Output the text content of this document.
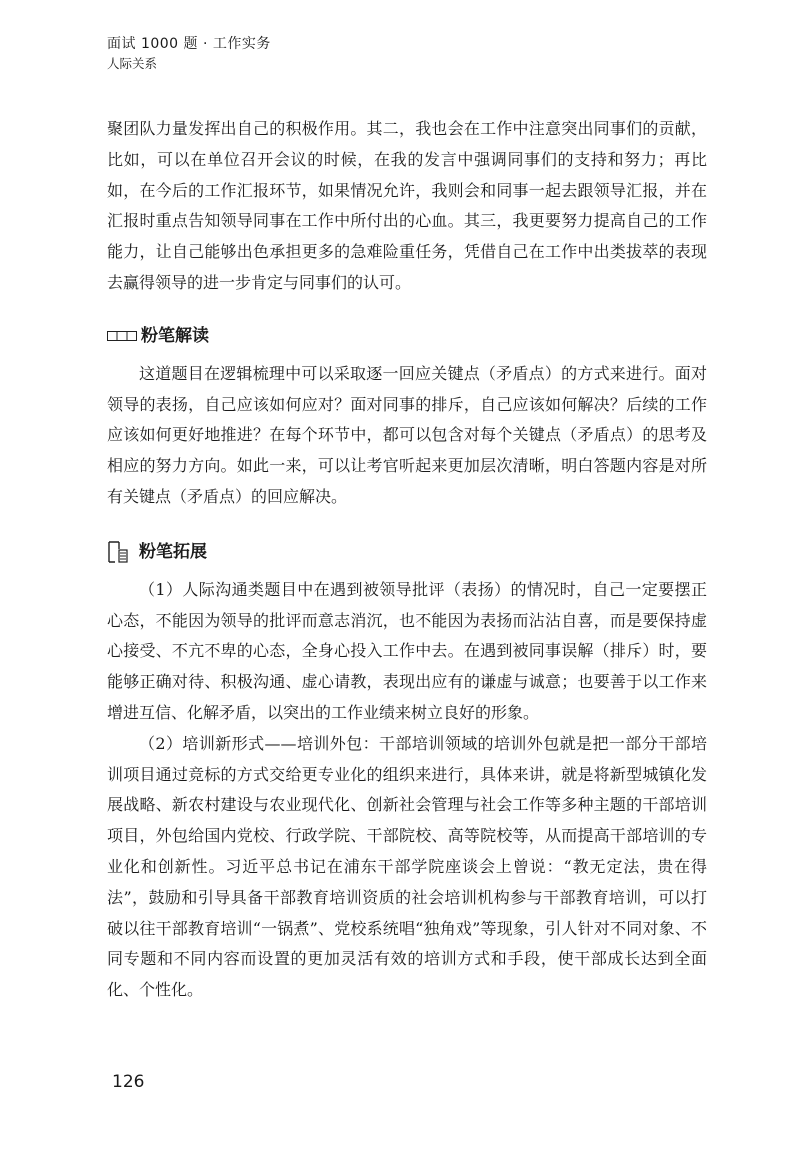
面试 1000 题 · 工作实务
人际关系

聚团队力量发挥出自己的积极作用。其二，我也会在工作中注意突出同事们的贡献，比如，可以在单位召开会议的时候，在我的发言中强调同事们的支持和努力；再比如，在今后的工作汇报环节，如果情况允许，我则会和同事一起去跟领导汇报，并在汇报时重点告知领导同事在工作中所付出的心血。其三，我更要努力提高自己的工作能力，让自己能够出色承担更多的急难险重任务，凭借自己在工作中出类拔萃的表现去赢得领导的进一步肯定与同事们的认可。

粉笔解读

这道题目在逻辑梳理中可以采取逐一回应关键点（矛盾点）的方式来进行。面对领导的表扬，自己应该如何应对？面对同事的排斥，自己应该如何解决？后续的工作应该如何更好地推进？在每个环节中，都可以包含对每个关键点（矛盾点）的思考及相应的努力方向。如此一来，可以让考官听起来更加层次清晰，明白答题内容是对所有关键点（矛盾点）的回应解决。

粉笔拓展

（1）人际沟通类题目中在遇到被领导批评（表扬）的情况时，自己一定要摆正心态，不能因为领导的批评而意志消沉，也不能因为表扬而沾沾自喜，而是要保持虚心接受、不亢不卑的心态，全身心投入工作中去。在遇到被同事误解（排斥）时，要能够正确对待、积极沟通、虚心请教，表现出应有的谦虚与诚意；也要善于以工作来增进互信、化解矛盾，以突出的工作业绩来树立良好的形象。

（2）培训新形式——培训外包：干部培训领域的培训外包就是把一部分干部培训项目通过竞标的方式交给更专业化的组织来进行，具体来讲，就是将新型城镇化发展战略、新农村建设与农业现代化、创新社会管理与社会工作等多种主题的干部培训项目，外包给国内党校、行政学院、干部院校、高等院校等，从而提高干部培训的专业化和创新性。习近平总书记在浦东干部学院座谈会上曾说：“教无定法，贵在得法”，鼓励和引导具备干部教育培训资质的社会培训机构参与干部教育培训，可以打破以往干部教育培训“一锅煮”、党校系统唱“独角戏”等现象，引人针对不同对象、不同专题和不同内容而设置的更加灵活有效的培训方式和手段，使干部成长达到全面化、个性化。

126
